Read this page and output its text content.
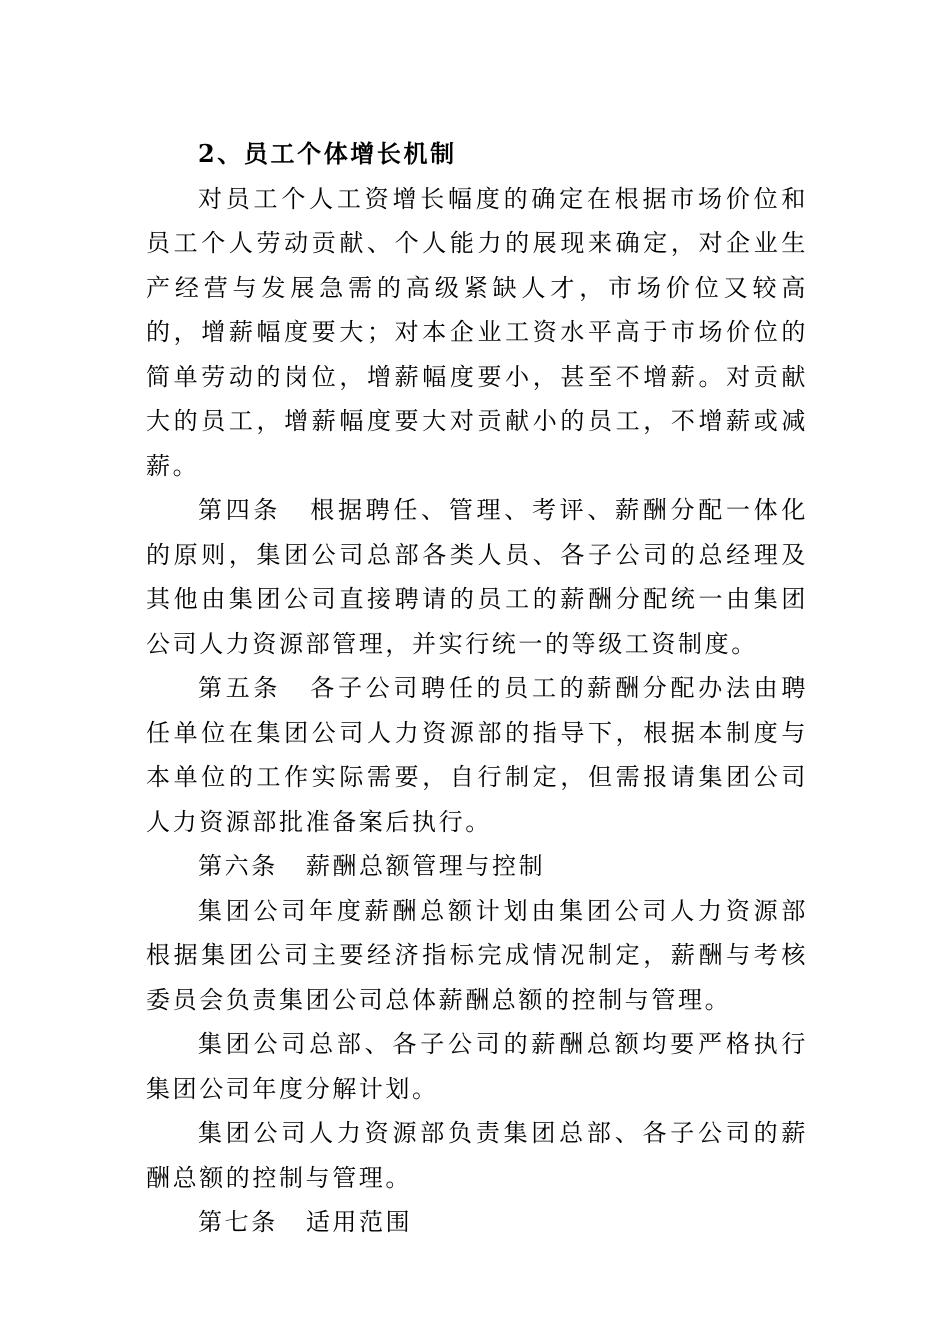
2、员工个体增长机制

对员工个人工资增长幅度的确定在根据市场价位和员工个人劳动贡献、个人能力的展现来确定，对企业生产经营与发展急需的高级紧缺人才，市场价位又较高的，增薪幅度要大；对本企业工资水平高于市场价位的简单劳动的岗位，增薪幅度要小，甚至不增薪。对贡献大的员工，增薪幅度要大对贡献小的员工，不增薪或减薪。

第四条 根据聘任、管理、考评、薪酬分配一体化的原则，集团公司总部各类人员、各子公司的总经理及其他由集团公司直接聘请的员工的薪酬分配统一由集团公司人力资源部管理，并实行统一的等级工资制度。

第五条 各子公司聘任的员工的薪酬分配办法由聘任单位在集团公司人力资源部的指导下，根据本制度与本单位的工作实际需要，自行制定，但需报请集团公司人力资源部批准备案后执行。

第六条 薪酬总额管理与控制

集团公司年度薪酬总额计划由集团公司人力资源部根据集团公司主要经济指标完成情况制定，薪酬与考核委员会负责集团公司总体薪酬总额的控制与管理。

集团公司总部、各子公司的薪酬总额均要严格执行集团公司年度分解计划。

集团公司人力资源部负责集团总部、各子公司的薪酬总额的控制与管理。

第七条 适用范围
